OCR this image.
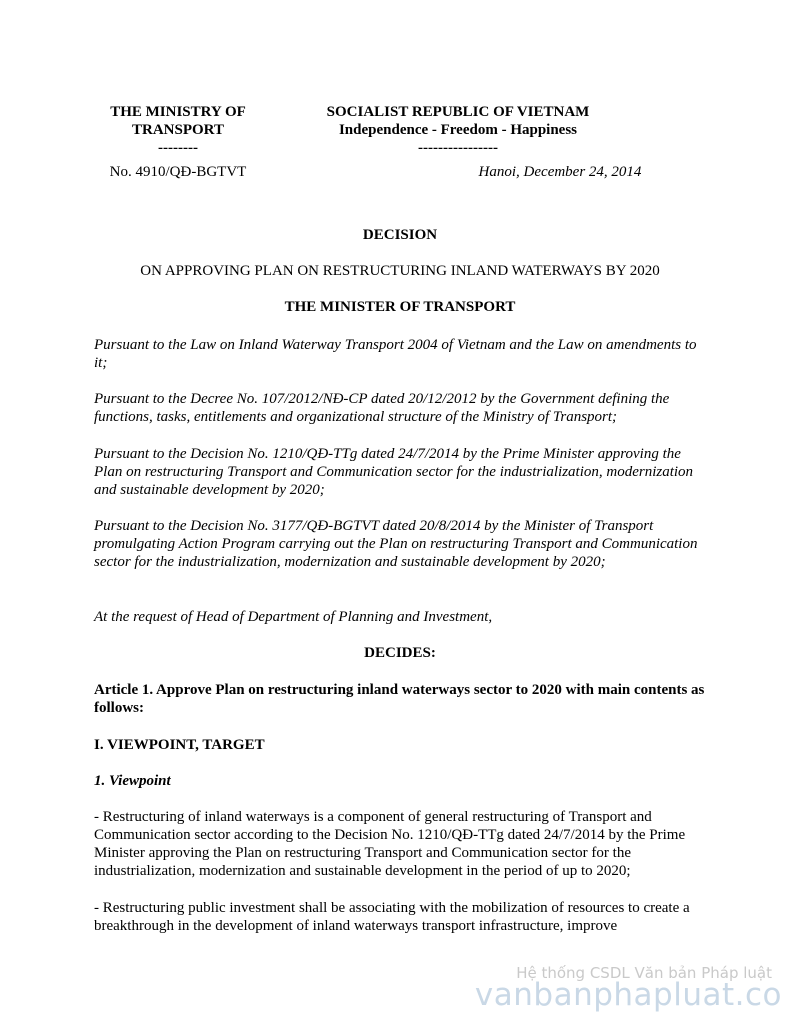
THE MINISTRY OF
TRANSPORT
--------
SOCIALIST REPUBLIC OF VIETNAM
Independence - Freedom - Happiness
----------------
No. 4910/QĐ-BGTVT	Hanoi, December 24, 2014
DECISION
ON APPROVING PLAN ON RESTRUCTURING INLAND WATERWAYS BY 2020
THE MINISTER OF TRANSPORT
Pursuant to the Law on Inland Waterway Transport 2004 of Vietnam and the Law on amendments to it;
Pursuant to the Decree No. 107/2012/NĐ-CP dated 20/12/2012 by the Government defining the functions, tasks, entitlements and organizational structure of the Ministry of Transport;
Pursuant to the Decision No. 1210/QĐ-TTg dated 24/7/2014 by the Prime Minister approving the Plan on restructuring Transport and Communication sector for the industrialization, modernization and sustainable development by 2020;
Pursuant to the Decision No. 3177/QĐ-BGTVT dated 20/8/2014 by the Minister of Transport promulgating Action Program carrying out the Plan on restructuring Transport and Communication sector for the industrialization, modernization and sustainable development by 2020;
At the request of Head of Department of Planning and Investment,
DECIDES:
Article 1. Approve Plan on restructuring inland waterways sector to 2020 with main contents as follows:
I. VIEWPOINT, TARGET
1. Viewpoint
- Restructuring of inland waterways is a component of general restructuring of Transport and Communication sector according to the Decision No. 1210/QĐ-TTg dated 24/7/2014 by the Prime Minister approving the Plan on restructuring Transport and Communication sector for the industrialization, modernization and sustainable development in the period of up to 2020;
- Restructuring public investment shall be associating with the mobilization of resources to create a breakthrough in the development of inland waterways transport infrastructure, improve
Hệ thống CSDL Văn bản Pháp luật
vanbanphapluat.co
